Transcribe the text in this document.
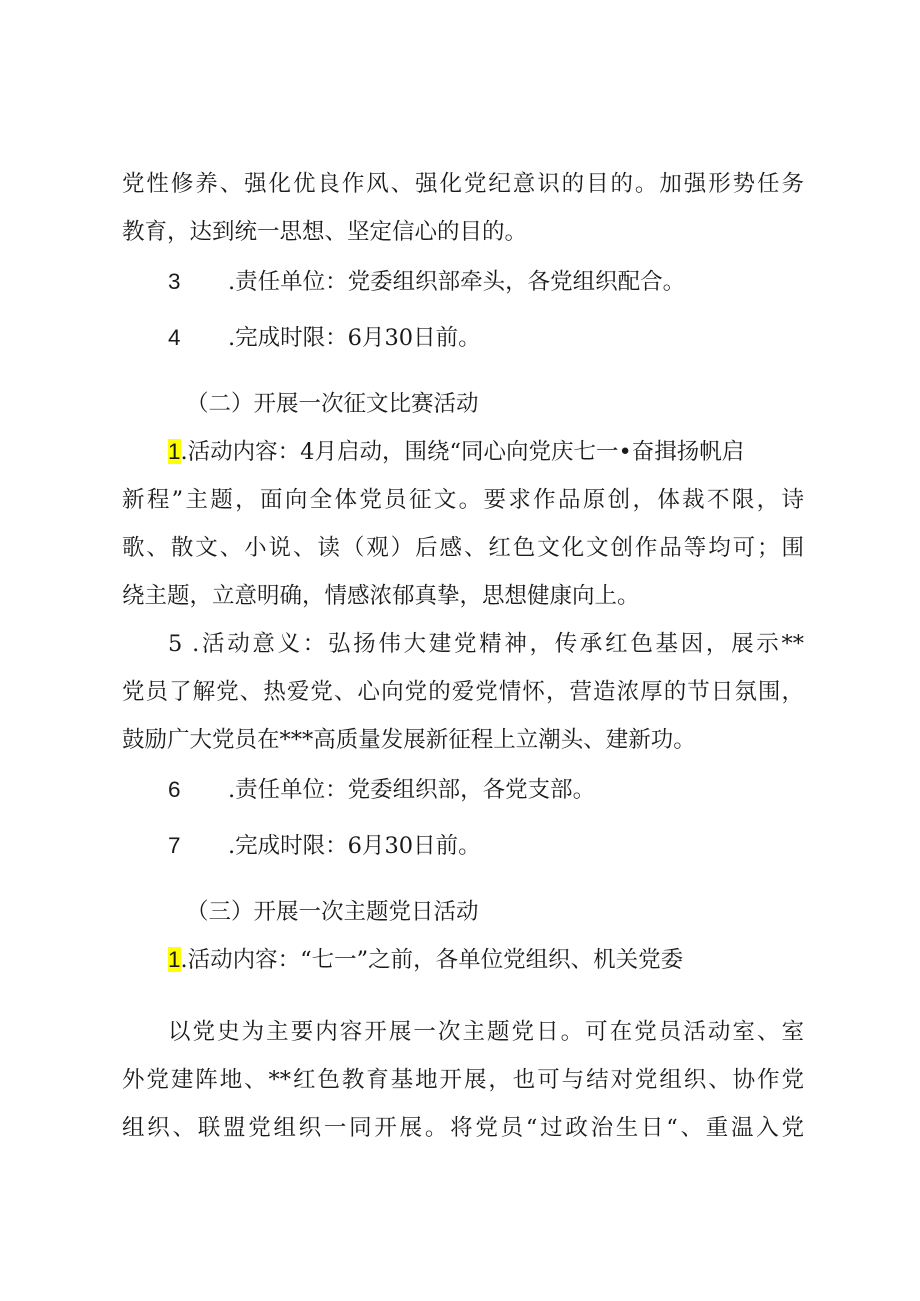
党性修养、强化优良作风、强化党纪意识的目的。加强形势任务
教育，达到统一思想、坚定信心的目的。
3 .责任单位：党委组织部牵头，各党组织配合。
4 .完成时限：6月30日前。
（二）开展一次征文比赛活动
1.活动内容：4月启动，围绕“同心向党庆七一•奋揖扬帆启
新程”主题，面向全体党员征文。要求作品原创，体裁不限，诗
歌、散文、小说、读（观）后感、红色文化文创作品等均可；围
绕主题，立意明确，情感浓郁真挚，思想健康向上。
5 .活动意义：弘扬伟大建党精神，传承红色基因，展示**
党员了解党、热爱党、心向党的爱党情怀，营造浓厚的节日氛围，
鼓励广大党员在***高质量发展新征程上立潮头、建新功。
6 .责任单位：党委组织部，各党支部。
7 .完成时限：6月30日前。
（三）开展一次主题党日活动
1.活动内容：“七一”之前，各单位党组织、机关党委
以党史为主要内容开展一次主题党日。可在党员活动室、室
外党建阵地、**红色教育基地开展，也可与结对党组织、协作党
组织、联盟党组织一同开展。将党员“过政治生日“、重温入党
